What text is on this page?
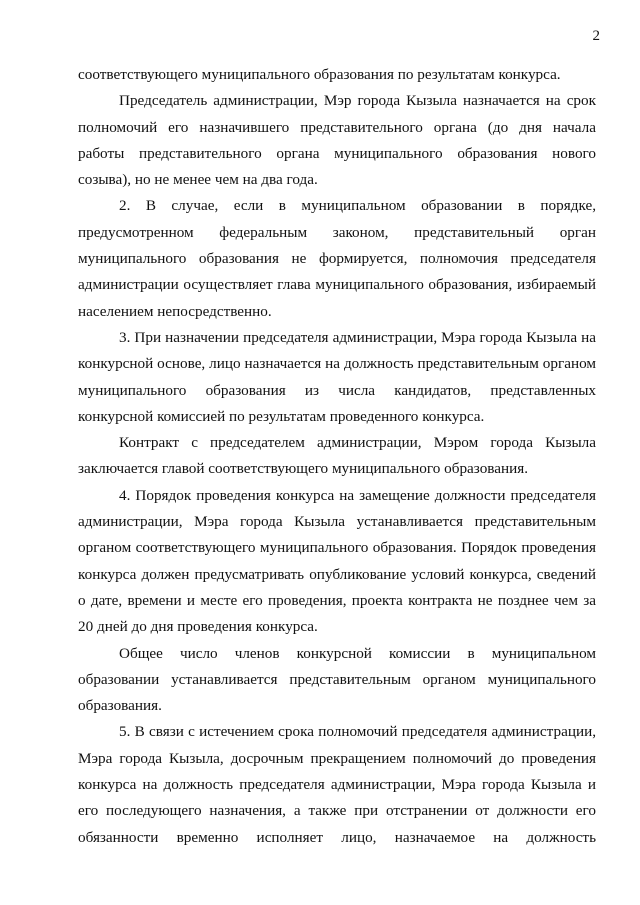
2

соответствующего муниципального образования по результатам конкурса.

Председатель администрации, Мэр города Кызыла назначается на срок полномочий его назначившего представительного органа (до дня начала работы представительного органа муниципального образования нового созыва), но не менее чем на два года.

2. В случае, если в муниципальном образовании в порядке, предусмотренном федеральным законом, представительный орган муниципального образования не формируется, полномочия председателя администрации осуществляет глава муниципального образования, избираемый населением непосредственно.

3. При назначении председателя администрации, Мэра города Кызыла на конкурсной основе, лицо назначается на должность представительным органом муниципального образования из числа кандидатов, представленных конкурсной комиссией по результатам проведенного конкурса.

Контракт с председателем администрации, Мэром города Кызыла заключается главой соответствующего муниципального образования.

4. Порядок проведения конкурса на замещение должности председателя администрации, Мэра города Кызыла устанавливается представительным органом соответствующего муниципального образования. Порядок проведения конкурса должен предусматривать опубликование условий конкурса, сведений о дате, времени и месте его проведения, проекта контракта не позднее чем за 20 дней до дня проведения конкурса.

Общее число членов конкурсной комиссии в муниципальном образовании устанавливается представительным органом муниципального образования.

5. В связи с истечением срока полномочий председателя администрации, Мэра города Кызыла, досрочным прекращением полномочий до проведения конкурса на должность председателя администрации, Мэра города Кызыла и его последующего назначения, а также при отстранении от должности его обязанности временно исполняет лицо, назначаемое на должность
